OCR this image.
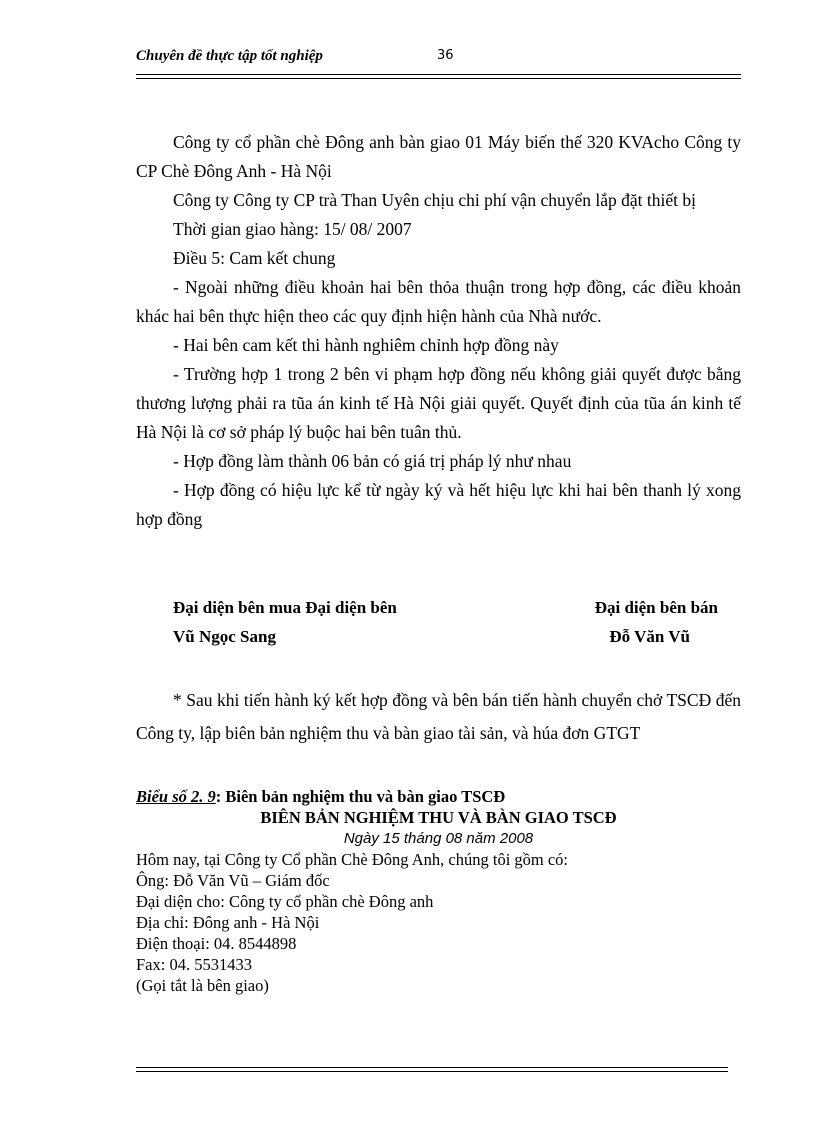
Chuyên đề thực tập tốt nghiệp	36

Công ty cổ phần chè Đông anh bàn giao 01 Máy biến thế 320 KVAcho Công ty CP Chè Đông Anh - Hà Nội

Công ty Công ty CP trà Than Uyên chịu chi phí vận chuyển lắp đặt thiết bị

Thời gian giao hàng: 15/ 08/ 2007

Điều 5: Cam kết chung

- Ngoài những điều khoản hai bên thỏa thuận trong hợp đồng, các điều khoản khác hai bên thực hiện theo các quy định hiện hành của Nhà nước.

- Hai bên cam kết thi hành nghiêm chỉnh hợp đồng này

- Trường hợp 1 trong 2 bên vi phạm hợp đồng nếu không giải quyết được bằng thương lượng phải ra tũa án kinh tế Hà Nội giải quyết. Quyết định của tũa án kinh tế Hà Nội là cơ sở pháp lý buộc hai bên tuân thủ.

- Hợp đồng làm thành 06 bản có giá trị pháp lý như nhau

- Hợp đồng có hiệu lực kể từ ngày ký và hết hiệu lực khi hai bên thanh lý xong hợp đồng

Đại diện bên mua Đại diện bên	Đại diện bên bán
Vũ Ngọc Sang	Đỗ Văn Vũ

* Sau khi tiến hành ký kết hợp đồng và bên bán tiến hành chuyển chở TSCĐ đến Công ty, lập biên bản nghiệm thu và bàn giao tài sản, và húa đơn GTGT

Biểu số 2. 9: Biên bản nghiệm thu và bàn giao TSCĐ
BIÊN BẢN NGHIỆM THU VÀ BÀN GIAO TSCĐ
Ngày 15 tháng 08 năm 2008
Hôm nay, tại Công ty Cổ phần Chè Đông Anh, chúng tôi gồm có:
Ông: Đỗ Văn Vũ – Giám đốc
Đại diện cho: Công ty cổ phần chè Đông anh
Địa chỉ: Đông anh - Hà Nội
Điện thoại: 04. 8544898
Fax: 04. 5531433
(Gọi tắt là bên giao)
